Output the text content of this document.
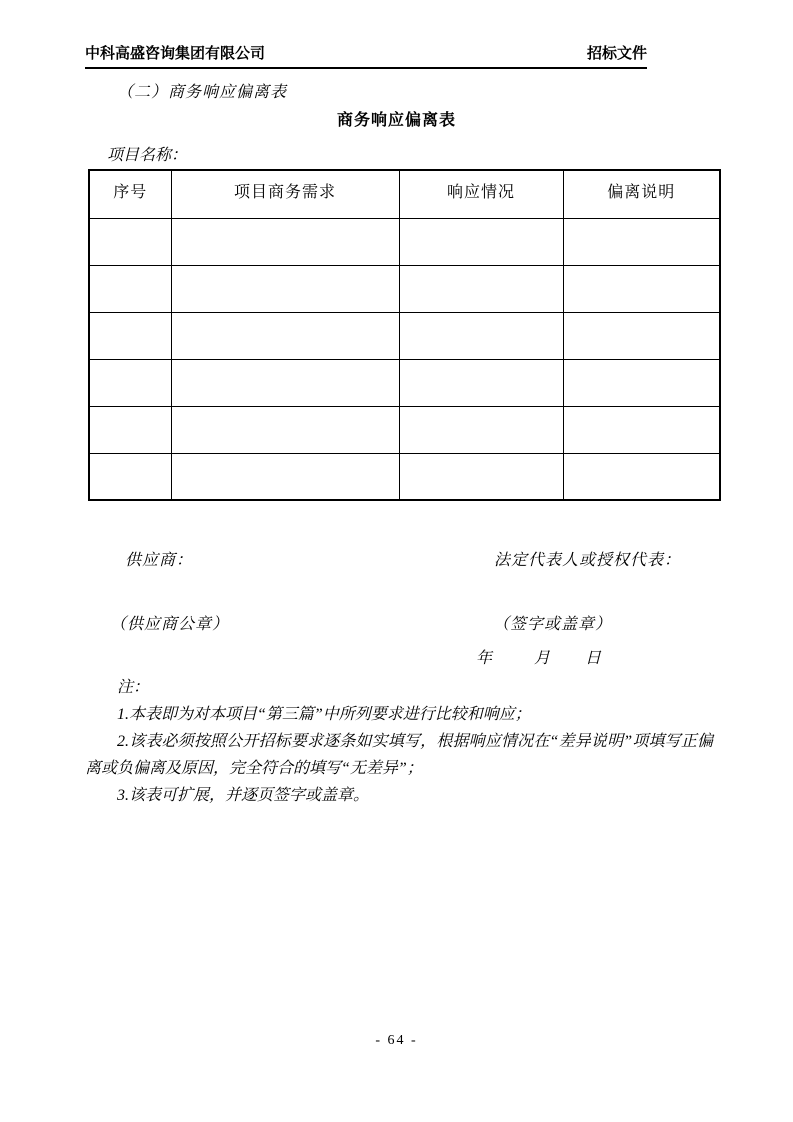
中科高盛咨询集团有限公司	招标文件
（二）商务响应偏离表
商务响应偏离表
项目名称：
序号	项目商务需求	响应情况	偏离说明

供应商：	法定代表人或授权代表：
（供应商公章）	（签字或盖章）
年	月 日

注：

1.本表即为对本项目“第三篇”中所列要求进行比较和响应；

2.该表必须按照公开招标要求逐条如实填写，根据响应情况在“差异说明”项填写正偏离或负偏离及原因，完全符合的填写“无差异”；

3.该表可扩展，并逐页签字或盖章。

- 64 -
